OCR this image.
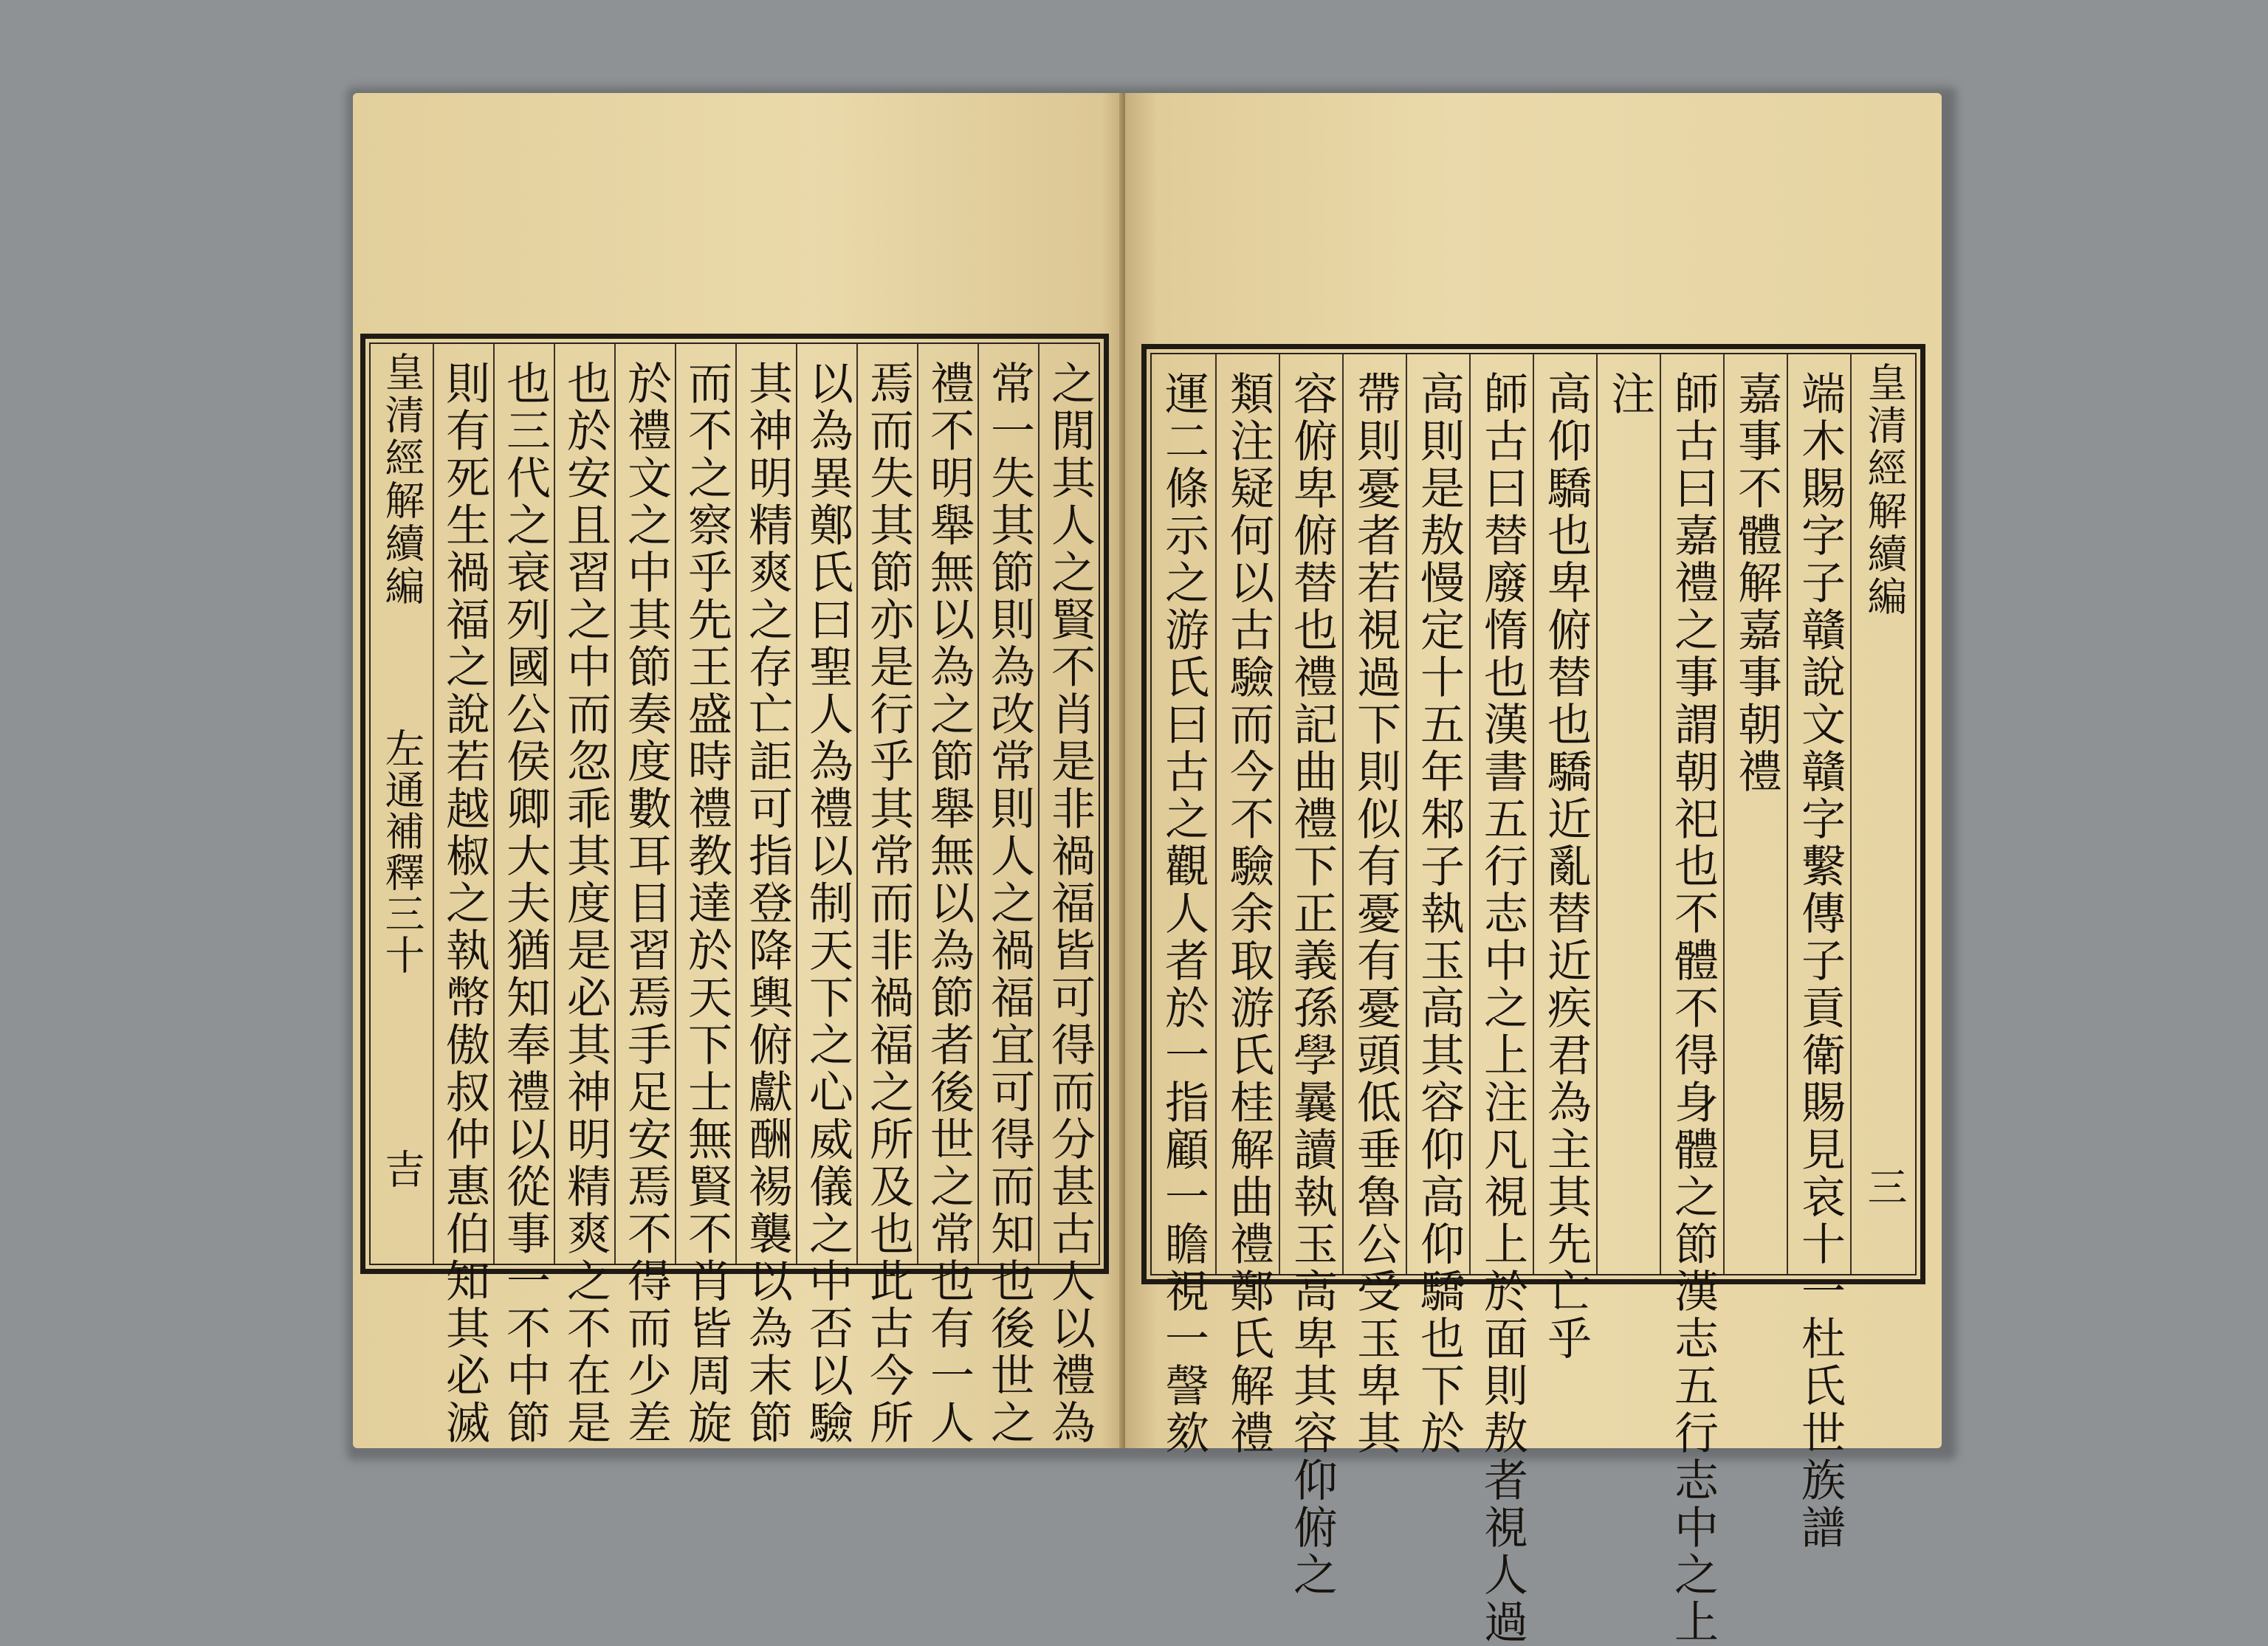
皇清經解續編
左通補釋三十
吉 則有死生禍福之說若越椒之執幣傲叔仲惠伯知其必滅 也三代之衰列國公侯卿大夫猶知奉禮以從事一不中節 也於安且習之中而忽乖其度是必其神明精爽之不在是 於禮文之中其節奏度數耳目習焉手足安焉不得而少差 而不之察乎先王盛時禮教達於天下士無賢不肖皆周旋 其神明精爽之存亡詎可指登降輿俯獻酬裼襲以為末節 以為異鄭氏曰聖人為禮以制天下之心威儀之中否以驗 焉而失其節亦是行乎其常而非禍福之所及也此古今所 禮不明舉無以為之節舉無以為節者後世之常也有一人 常一失其節則為改常則人之禍福宜可得而知也後世之 之閒其人之賢不肖是非禍福皆可得而分甚古人以禮為 運二條示之游氏曰古之觀人者於一指顧一瞻視一謦欬 類注疑何以古驗而今不驗余取游氏桂解曲禮鄭氏解禮 容俯卑俯替也禮記曲禮下正義孫學曩讀執玉高卑其容仰俯之 帶則憂者若視過下則似有憂有憂頭低垂魯公受玉卑其 高則是敖慢定十五年邾子執玉高其容仰高仰驕也下於 師古曰替廢惰也漢書五行志中之上注凡視上於面則敖者視人過 高仰驕也卑俯替也驕近亂替近疾君為主其先亡乎 注 師古曰嘉禮之事謂朝祀也不體不得身體之節漢志五行志中之上 嘉事不體解嘉事朝禮 端木賜字子贛說文贛字繫傳子貢衛賜見哀十一杜氏世族譜 皇清經解續編
三
